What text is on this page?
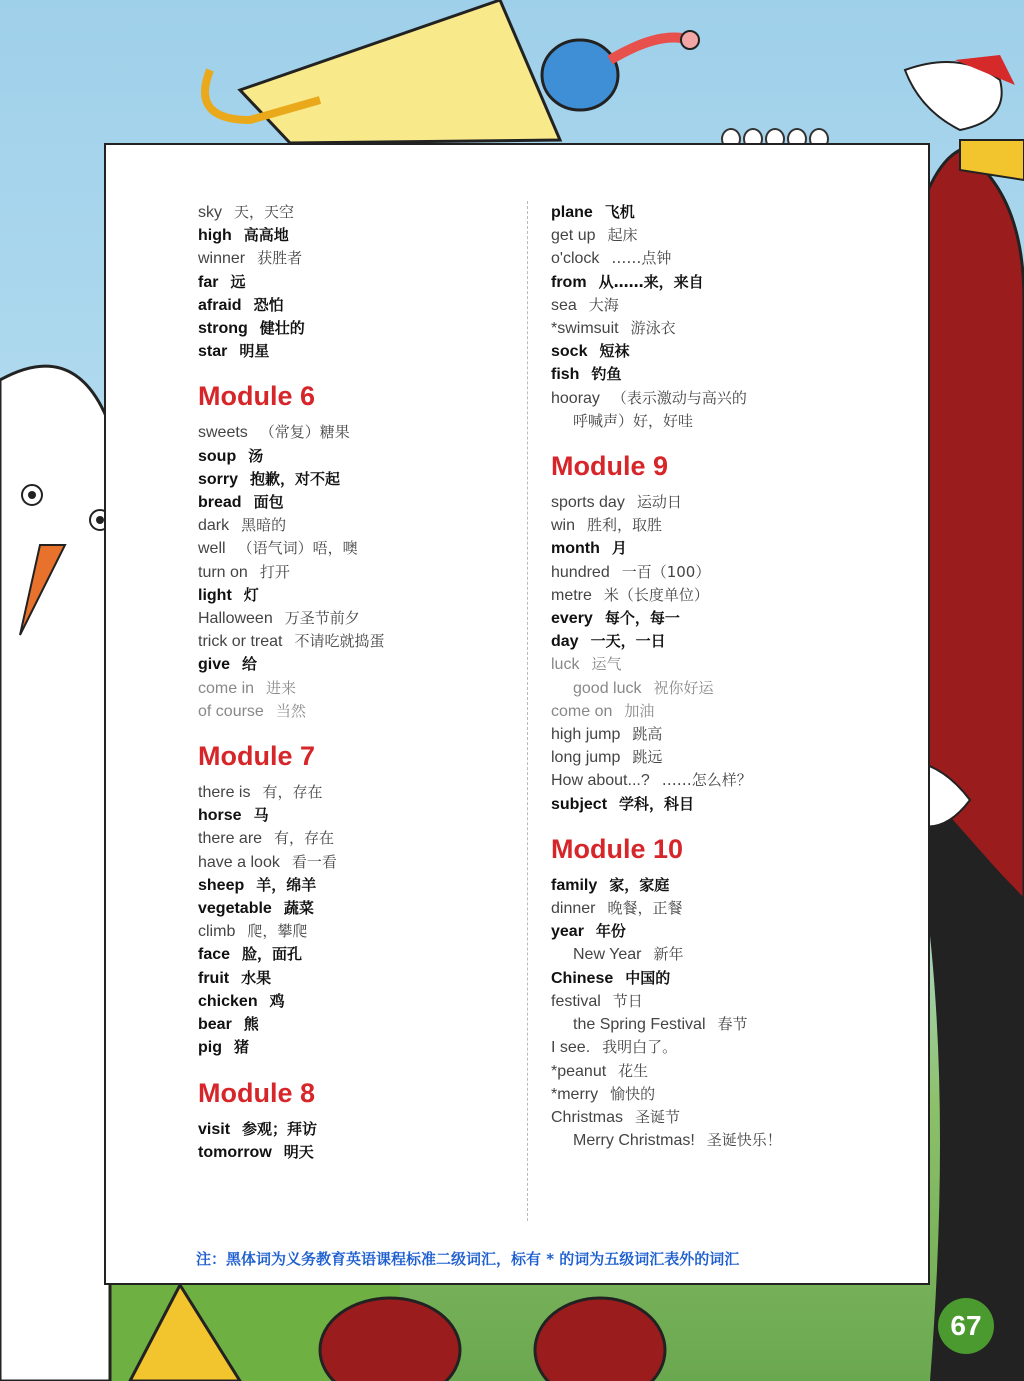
sky 天，天空
high 高高地
winner 获胜者
far 远
afraid 恐怕
strong 健壮的
star 明星
Module 6
sweets （常复）糖果
soup 汤
sorry 抱歉，对不起
bread 面包
dark 黑暗的
well （语气词）唔，噢
turn on 打开
light 灯
Halloween 万圣节前夕
trick or treat 不请吃就捣蛋
give 给
come in 进来
of course 当然
Module 7
there is 有，存在
horse 马
there are 有，存在
have a look 看一看
sheep 羊，绵羊
vegetable 蔬菜
climb 爬，攀爬
face 脸，面孔
fruit 水果
chicken 鸡
bear 熊
pig 猪
Module 8
visit 参观；拜访
tomorrow 明天
plane 飞机
get up 起床
o'clock ……点钟
from 从……来，来自
sea 大海
*swimsuit 游泳衣
sock 短袜
fish 钓鱼
hooray （表示激动与高兴的
呼喊声）好，好哇
Module 9
sports day 运动日
win 胜利，取胜
month 月
hundred 一百（100）
metre 米（长度单位）
every 每个，每一
day 一天，一日
luck 运气
good luck 祝你好运
come on 加油
high jump 跳高
long jump 跳远
How about...? ……怎么样？
subject 学科，科目
Module 10
family 家，家庭
dinner 晚餐，正餐
year 年份
New Year 新年
Chinese 中国的
festival 节日
the Spring Festival 春节
I see. 我明白了。
*peanut 花生
*merry 愉快的
Christmas 圣诞节
Merry Christmas! 圣诞快乐！
注：黑体词为义务教育英语课程标准二级词汇，标有 * 的词为五级词汇表外的词汇
67
